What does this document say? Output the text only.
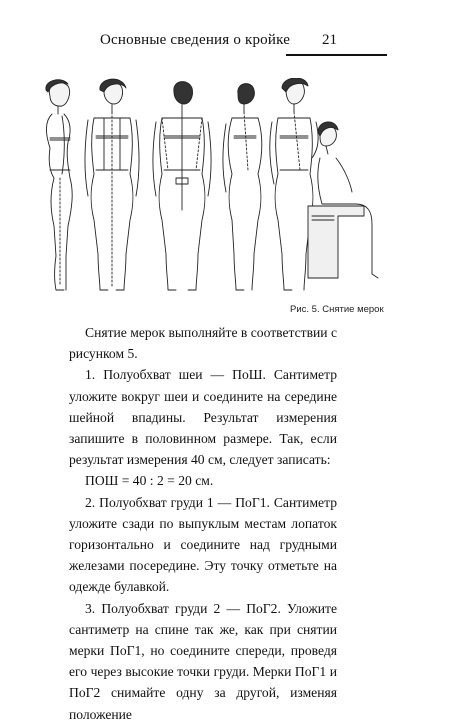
Основные сведения о кройке 21
Рис. 5. Снятие мерок

Снятие мерок выполняйте в соответствии с рисунком 5.

1. Полуобхват шеи — ПоШ. Сантиметр уложите вокруг шеи и соедините на середине шейной впадины. Результат измерения запишите в половинном размере. Так, если результат измерения 40 см, следует записать:

ПОШ = 40 : 2 = 20 см.

2. Полуобхват груди 1 — ПоГ1. Сантиметр уложите сзади по выпуклым местам лопаток горизонтально и соедините над грудными железами посередине. Эту точку отметьте на одежде булавкой.

3. Полуобхват груди 2 — ПоГ2. Уложите сантиметр на спине так же, как при снятии мерки ПоГ1, но соедините спереди, проведя его через высокие точки груди. Мерки ПоГ1 и ПоГ2 снимайте одну за другой, изменяя положение
